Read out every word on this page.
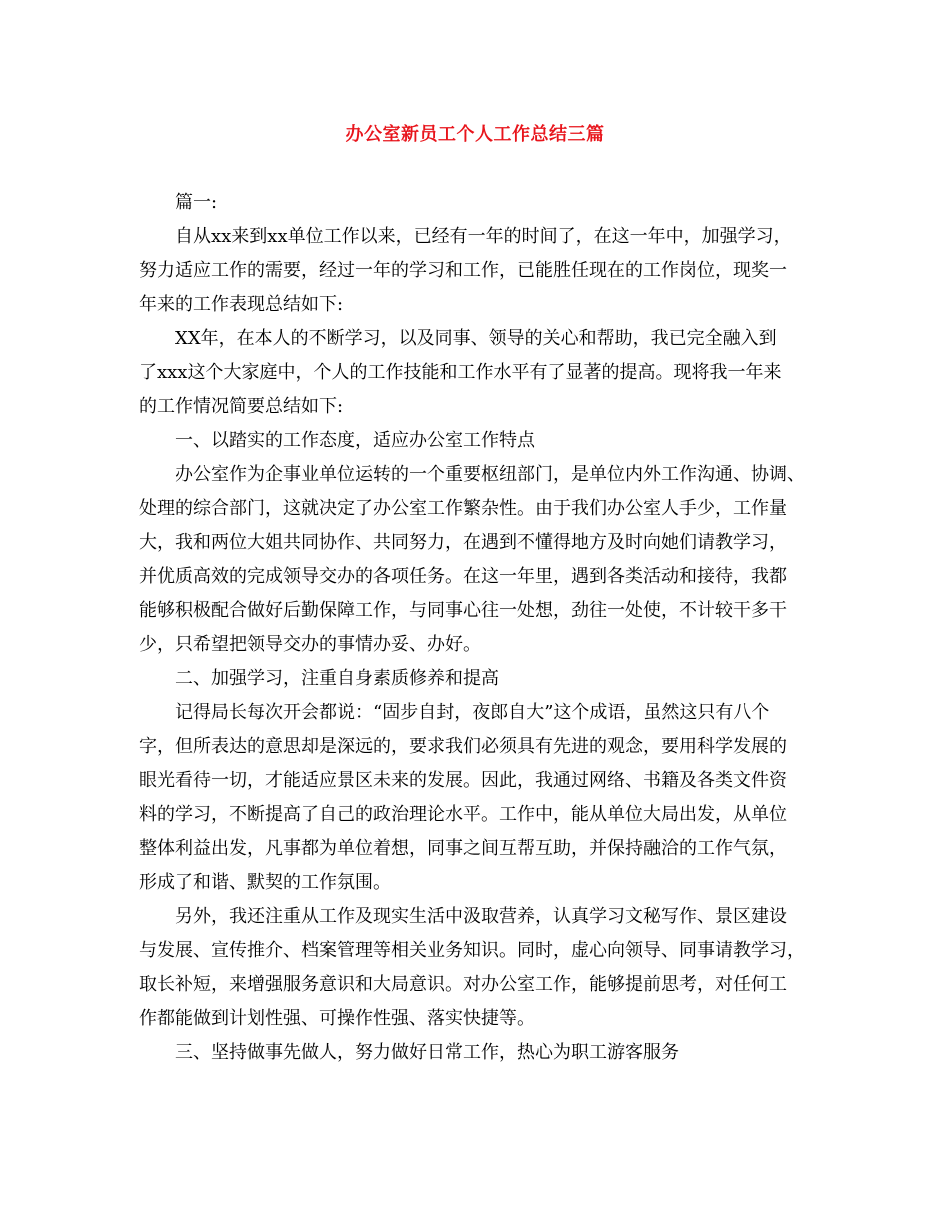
办公室新员工个人工作总结三篇
篇一:
自从xx来到xx单位工作以来，已经有一年的时间了，在这一年中，加强学习，
努力适应工作的需要，经过一年的学习和工作，已能胜任现在的工作岗位，现奖一
年来的工作表现总结如下:
XX年，在本人的不断学习，以及同事、领导的关心和帮助，我已完全融入到
了xxx这个大家庭中，个人的工作技能和工作水平有了显著的提高。现将我一年来
的工作情况简要总结如下:
一、以踏实的工作态度，适应办公室工作特点
办公室作为企事业单位运转的一个重要枢纽部门，是单位内外工作沟通、协调、
处理的综合部门，这就决定了办公室工作繁杂性。由于我们办公室人手少，工作量
大，我和两位大姐共同协作、共同努力，在遇到不懂得地方及时向她们请教学习，
并优质高效的完成领导交办的各项任务。在这一年里，遇到各类活动和接待，我都
能够积极配合做好后勤保障工作，与同事心往一处想，劲往一处使，不计较干多干
少，只希望把领导交办的事情办妥、办好。
二、加强学习，注重自身素质修养和提高
记得局长每次开会都说：“固步自封，夜郎自大”这个成语，虽然这只有八个
字，但所表达的意思却是深远的，要求我们必须具有先进的观念，要用科学发展的
眼光看待一切，才能适应景区未来的发展。因此，我通过网络、书籍及各类文件资
料的学习，不断提高了自己的政治理论水平。工作中，能从单位大局出发，从单位
整体利益出发，凡事都为单位着想，同事之间互帮互助，并保持融洽的工作气氛，
形成了和谐、默契的工作氛围。
另外，我还注重从工作及现实生活中汲取营养，认真学习文秘写作、景区建设
与发展、宣传推介、档案管理等相关业务知识。同时，虚心向领导、同事请教学习，
取长补短，来增强服务意识和大局意识。对办公室工作，能够提前思考，对任何工
作都能做到计划性强、可操作性强、落实快捷等。
三、坚持做事先做人，努力做好日常工作，热心为职工游客服务
